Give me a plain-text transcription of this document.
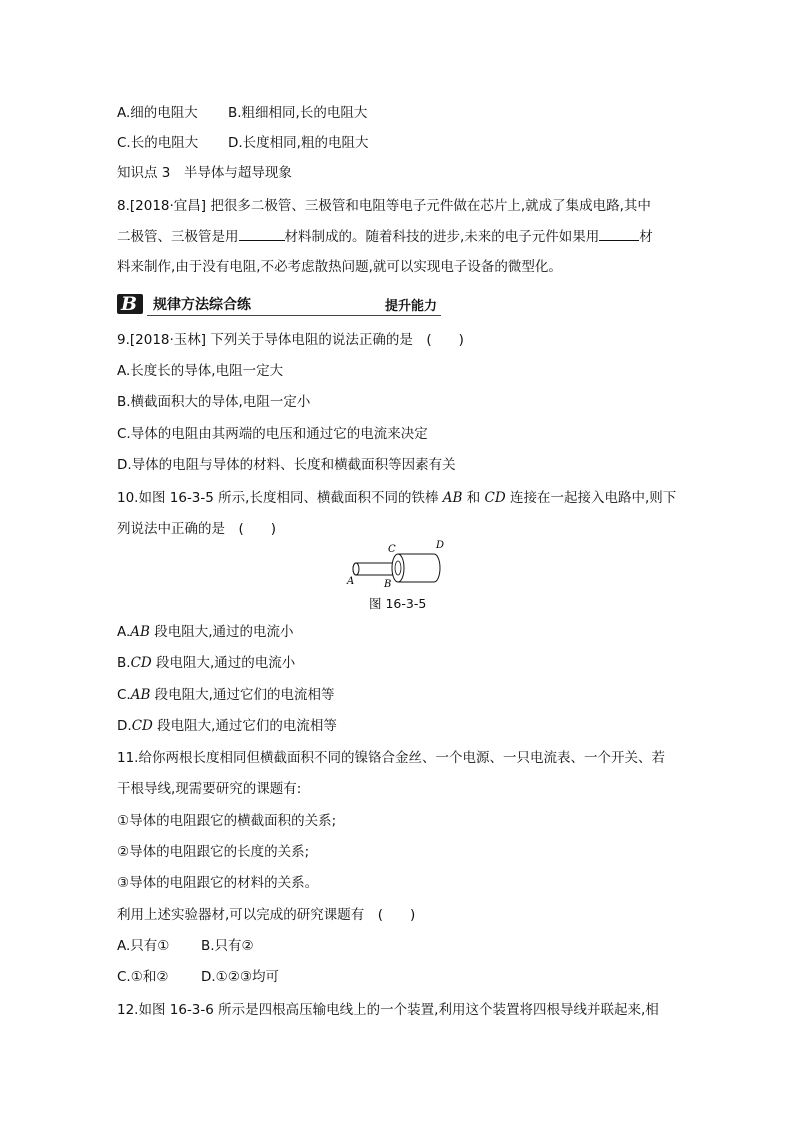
A.细的电阻大 B.粗细相同,长的电阻大
C.长的电阻大 D.长度相同,粗的电阻大
知识点 3　半导体与超导现象
8.[2018·宜昌] 把很多二极管、三极管和电阻等电子元件做在芯片上,就成了集成电路,其中
二极管、三极管是用	材料制成的。随着科技的进步,未来的电子元件如果用	材
料来制作,由于没有电阻,不必考虑散热问题,就可以实现电子设备的微型化。
B 规律方法综合练	提升能力
9.[2018·玉林] 下列关于导体电阻的说法正确的是　(　　)
A.长度长的导体,电阻一定大
B.横截面积大的导体,电阻一定小
C.导体的电阻由其两端的电压和通过它的电流来决定
D.导体的电阻与导体的材料、长度和横截面积等因素有关
10.如图 16-3-5 所示,长度相同、横截面积不同的铁棒 AB 和 CD 连接在一起接入电路中,则下
列说法中正确的是　(　　)
A	B
C	D
图 16-3-5
A.AB 段电阻大,通过的电流小
B.CD 段电阻大,通过的电流小
C.AB 段电阻大,通过它们的电流相等
D.CD 段电阻大,通过它们的电流相等
11.给你两根长度相同但横截面积不同的镍铬合金丝、一个电源、一只电流表、一个开关、若
干根导线,现需要研究的课题有:
①导体的电阻跟它的横截面积的关系;
②导体的电阻跟它的长度的关系;
③导体的电阻跟它的材料的关系。
利用上述实验器材,可以完成的研究课题有　(　　)
A.只有① B.只有②
C.①和② D.①②③均可
12.如图 16-3-6 所示是四根高压输电线上的一个装置,利用这个装置将四根导线并联起来,相
